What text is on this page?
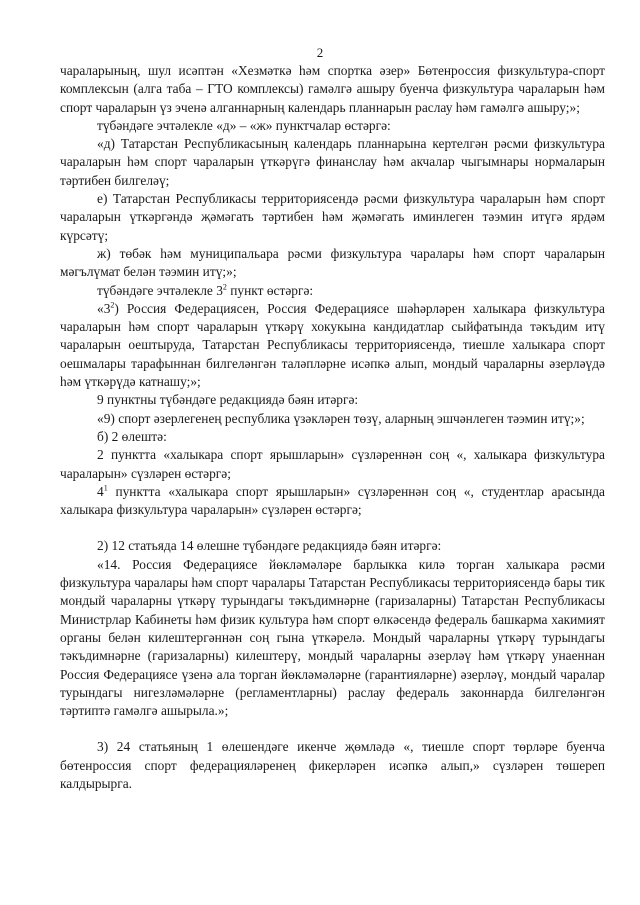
2

чараларының, шул исәптән «Хезмәткә һәм спортка әзер» Бөтенроссия физкультура-спорт комплексын (алга таба – ГТО комплексы) гамәлгә ашыру буенча физкультура чараларын һәм спорт чараларын үз эченә алганнарның календарь планнарын раслау һәм гамәлгә ашыру;»;

түбәндәге эчтәлекле «д» – «ж» пунктчалар өстәргә:

«д) Татарстан Республикасының календарь планнарына кертелгән рәсми физкультура чараларын һәм спорт чараларын үткәрүгә финанслау һәм акчалар чыгымнары нормаларын тәртибен билгеләү;

е) Татарстан Республикасы территориясендә рәсми физкультура чараларын һәм спорт чараларын үткәргәндә җәмәгать тәртибен һәм җәмәгать иминлеген тәэмин итүгә ярдәм күрсәтү;

ж) төбәк һәм муниципальара рәсми физкультура чаралары һәм спорт чараларын мәгълүмат белән тәэмин итү;»;

түбәндәге эчтәлекле $3^2$ пункт өстәргә:

«$3^2$) Россия Федерациясен, Россия Федерациясе шәһәрләрен халыкара физкультура чараларын һәм спорт чараларын үткәрү хокукына кандидатлар сыйфатында тәкъдим итү чараларын оештыруда, Татарстан Республикасы территориясендә, тиешле халыкара спорт оешмалары тарафыннан билгеләнгән таләпләрне исәпкә алып, мондый чараларны әзерләүдә һәм үткәрүдә катнашу;»;

9 пунктны түбәндәге редакциядә бәян итәргә:

«9) спорт әзерлегенең республика үзәкләрен төзү, аларның эшчәнлеген тәэмин итү;»;

б) 2 өлештә:

2 пунктта «халыкара спорт ярышларын» сүзләреннән соң «, халыкара физкультура чараларын» сүзләрен өстәргә;

$4^1$ пунктта «халыкара спорт ярышларын» сүзләреннән соң «, студентлар арасында халыкара физкультура чараларын» сүзләрен өстәргә;

2) 12 статьяда 14 өлешне түбәндәге редакциядә бәян итәргә:

«14. Россия Федерациясе йөкләмәләре барлыкка килә торган халыкара рәсми физкультура чаралары һәм спорт чаралары Татарстан Республикасы территориясендә бары тик мондый чараларны үткәрү турындагы тәкъдимнәрне (гаризаларны) Татарстан Республикасы Министрлар Кабинеты һәм физик культура һәм спорт өлкәсендә федераль башкарма хакимият органы белән килештергәннән соң гына үткәрелә. Мондый чараларны үткәрү турындагы тәкъдимнәрне (гаризаларны) килештерү, мондый чараларны әзерләү һәм үткәрү унаеннан Россия Федерациясе үзенә ала торган йөкләмәләрне (гарантияләрне) әзерләү, мондый чаралар турындагы нигезләмәләрне (регламентларны) раслау федераль законнарда билгеләнгән тәртиптә гамәлгә ашырыла.»;

3) 24 статьяның 1 өлешендәге икенче җөмләдә «, тиешле спорт төрләре буенча бөтенроссия спорт федерацияләренең фикерләрен исәпкә алып,» сүзләрен төшереп калдырырга.
